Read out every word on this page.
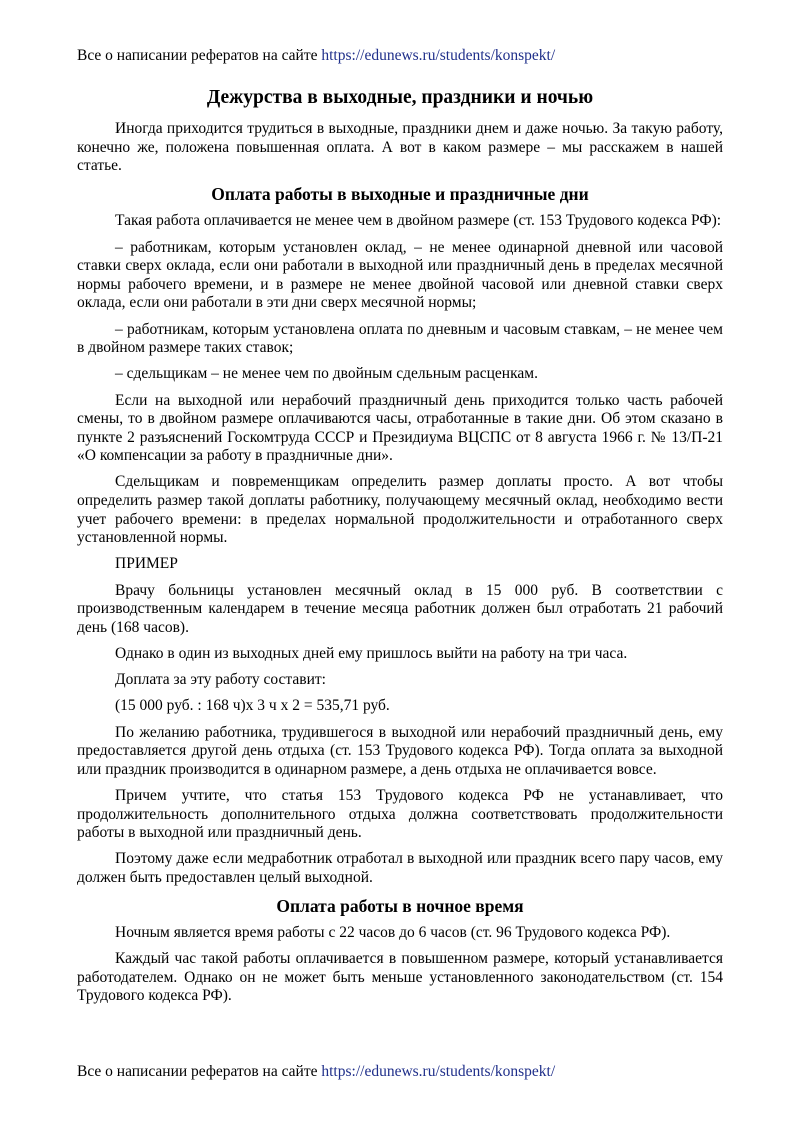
Все о написании рефератов на сайте https://edunews.ru/students/konspekt/
Дежурства в выходные, праздники и ночью

Иногда приходится трудиться в выходные, праздники днем и даже ночью. За такую работу, конечно же, положена повышенная оплата. А вот в каком размере – мы расскажем в нашей статье.

Оплата работы в выходные и праздничные дни

Такая работа оплачивается не менее чем в двойном размере (ст. 153 Трудового кодекса РФ):

– работникам, которым установлен оклад, – не менее одинарной дневной или часовой ставки сверх оклада, если они работали в выходной или праздничный день в пределах месячной нормы рабочего времени, и в размере не менее двойной часовой или дневной ставки сверх оклада, если они работали в эти дни сверх месячной нормы;

– работникам, которым установлена оплата по дневным и часовым ставкам, – не менее чем в двойном размере таких ставок;

– сдельщикам – не менее чем по двойным сдельным расценкам.

Если на выходной или нерабочий праздничный день приходится только часть рабочей смены, то в двойном размере оплачиваются часы, отработанные в такие дни. Об этом сказано в пункте 2 разъяснений Госкомтруда СССР и Президиума ВЦСПС от 8 августа 1966 г. № 13/П-21 «О компенсации за работу в праздничные дни».

Сдельщикам и повременщикам определить размер доплаты просто. А вот чтобы определить размер такой доплаты работнику, получающему месячный оклад, необходимо вести учет рабочего времени: в пределах нормальной продолжительности и отработанного сверх установленной нормы.

ПРИМЕР

Врачу больницы установлен месячный оклад в 15 000 руб. В соответствии с производственным календарем в течение месяца работник должен был отработать 21 рабочий день (168 часов).

Однако в один из выходных дней ему пришлось выйти на работу на три часа.

Доплата за эту работу составит:

(15 000 руб. : 168 ч)х 3 ч х 2 = 535,71 руб.

По желанию работника, трудившегося в выходной или нерабочий праздничный день, ему предоставляется другой день отдыха (ст. 153 Трудового кодекса РФ). Тогда оплата за выходной или праздник производится в одинарном размере, а день отдыха не оплачивается вовсе.

Причем учтите, что статья 153 Трудового кодекса РФ не устанавливает, что продолжительность дополнительного отдыха должна соответствовать продолжительности работы в выходной или праздничный день.

Поэтому даже если медработник отработал в выходной или праздник всего пару часов, ему должен быть предоставлен целый выходной.

Оплата работы в ночное время

Ночным является время работы с 22 часов до 6 часов (ст. 96 Трудового кодекса РФ).

Каждый час такой работы оплачивается в повышенном размере, который устанавливается работодателем. Однако он не может быть меньше установленного законодательством (ст. 154 Трудового кодекса РФ).

Все о написании рефератов на сайте https://edunews.ru/students/konspekt/
